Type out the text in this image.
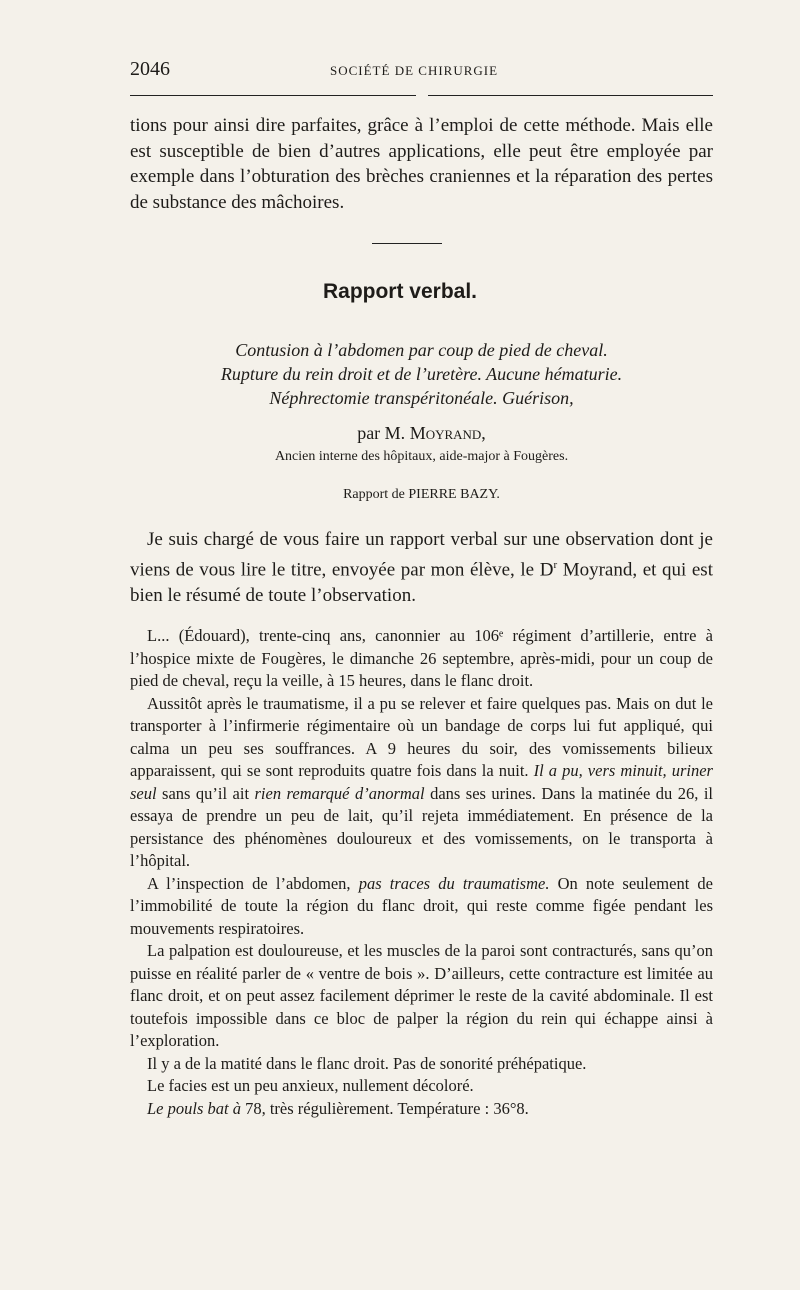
2046	SOCIÉTÉ DE CHIRURGIE

tions pour ainsi dire parfaites, grâce à l’emploi de cette méthode. Mais elle est susceptible de bien d’autres applications, elle peut être employée par exemple dans l’obturation des brèches craniennes et la réparation des pertes de substance des mâchoires.

Rapport verbal.
Contusion à l’abdomen par coup de pied de cheval.
Rupture du rein droit et de l’uretère. Aucune hématurie.
Néphrectomie transpéritonéale. Guérison,
par M. Moyrand,
Ancien interne des hôpitaux, aide-major à Fougères.
Rapport de PIERRE BAZY.

Je suis chargé de vous faire un rapport verbal sur une observation dont je viens de vous lire le titre, envoyée par mon élève, le $D^r$ Moyrand, et qui est bien le résumé de toute l’observation.

L... (Édouard), trente-cinq ans, canonnier au 106ᵉ régiment d’artillerie, entre à l’hospice mixte de Fougères, le dimanche 26 septembre, après-midi, pour un coup de pied de cheval, reçu la veille, à 15 heures, dans le flanc droit.

Aussitôt après le traumatisme, il a pu se relever et faire quelques pas. Mais on dut le transporter à l’infirmerie régimentaire où un bandage de corps lui fut appliqué, qui calma un peu ses souffrances. A 9 heures du soir, des vomissements bilieux apparaissent, qui se sont reproduits quatre fois dans la nuit. Il a pu, vers minuit, uriner seul sans qu’il ait rien remarqué d’anormal dans ses urines. Dans la matinée du 26, il essaya de prendre un peu de lait, qu’il rejeta immédiatement. En présence de la persistance des phénomènes douloureux et des vomissements, on le transporta à l’hôpital.

A l’inspection de l’abdomen, pas traces du traumatisme. On note seulement de l’immobilité de toute la région du flanc droit, qui reste comme figée pendant les mouvements respiratoires.

La palpation est douloureuse, et les muscles de la paroi sont contracturés, sans qu’on puisse en réalité parler de « ventre de bois ». D’ailleurs, cette contracture est limitée au flanc droit, et on peut assez facilement déprimer le reste de la cavité abdominale. Il est toutefois impossible dans ce bloc de palper la région du rein qui échappe ainsi à l’exploration.

Il y a de la matité dans le flanc droit. Pas de sonorité préhépatique.

Le facies est un peu anxieux, nullement décoloré.

Le pouls bat à 78, très régulièrement. Température : 36°8.
